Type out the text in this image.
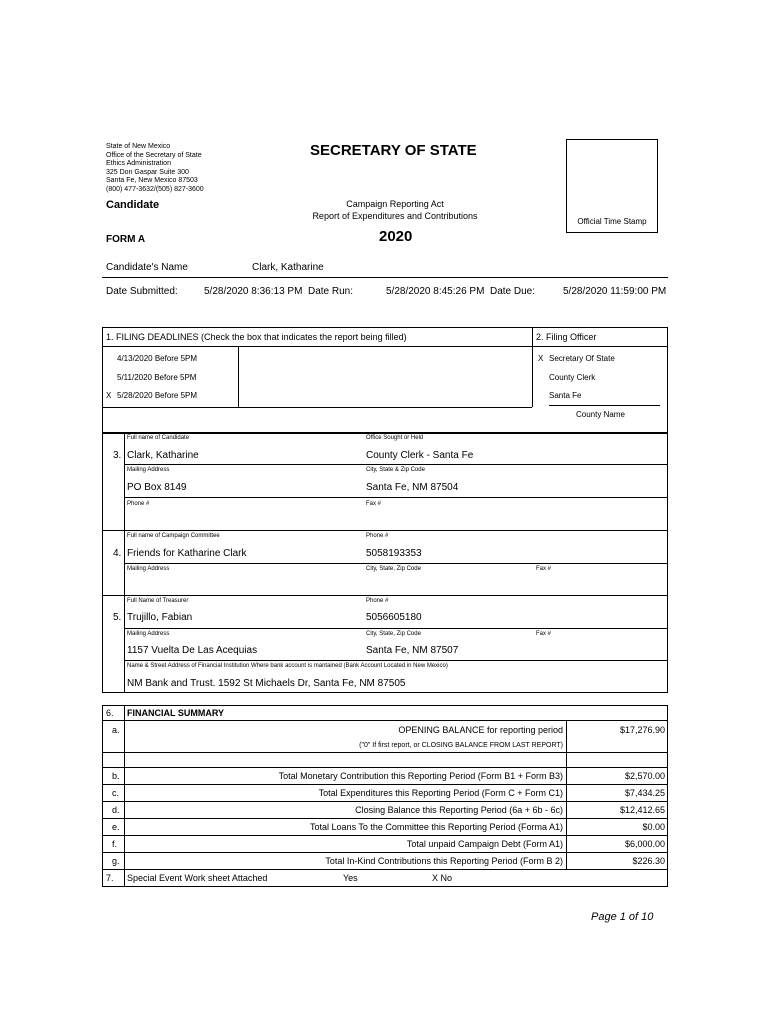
State of New Mexico
Office of the Secretary of State
Ethics Administration
325 Don Gaspar Suite 300
Santa Fe, New Mexico 87503
(800) 477-3632/(505) 827-3600
SECRETARY OF STATE
Official Time Stamp
Candidate	Campaign Reporting Act
Report of Expenditures and Contributions
FORM A	2020
Candidate's Name	Clark, Katharine
Date Submitted:	5/28/2020 8:36:13 PM Date Run:	5/28/2020 8:45:26 PM Date Due:	5/28/2020 11:59:00 PM
1. FILING DEADLINES (Check the box that indicates the report being filled)	2. Filing Officer
4/13/2020 Before 5PM
5/11/2020 Before 5PM
X 5/28/2020 Before 5PM
X Secretary Of State
County Clerk
Santa Fe
County Name
Full name of Candidate	Office Sought or Held
3. Clark, Katharine	County Clerk - Santa Fe
Mailing Address	City, State & Zip Code
PO Box 8149	Santa Fe, NM 87504
Phone #	Fax #
Full name of Campaign Committee	Phone #
4. Friends for Katharine Clark	5058193353
Mailing Address	City, State, Zip Code	Fax #
Full Name of Treasurer	Phone #
5. Trujillo, Fabian	5056605180
Mailing Address	City, State, Zip Code	Fax #
1157 Vuelta De Las Acequias	Santa Fe, NM 87507
Name & Street Address of Financial Institution Where bank account is mantained (Bank Account Located in New Mexico)
NM Bank and Trust. 1592 St Michaels Dr, Santa Fe, NM 87505
6. FINANCIAL SUMMARY
a.	OPENING BALANCE for reporting period
("0" If first report, or CLOSING BALANCE FROM LAST REPORT)
$17,276.90
b.	Total Monetary Contribution this Reporting Period (Form B1 + Form B3)	$2,570.00
c.	Total Expenditures this Reporting Period (Form C + Form C1)	$7,434.25
d.	Closing Balance this Reporting Period (6a + 6b - 6c)	$12,412.65
e.	Total Loans To the Committee this Reporting Period (Forma A1)	$0.00
f.	Total unpaid Campaign Debt (Form A1)	$6,000.00
g.	Total In-Kind Contributions this Reporting Period (Form B 2)	$226.30
7. Special Event Work sheet Attached	Yes	X No
Page 1 of 10
